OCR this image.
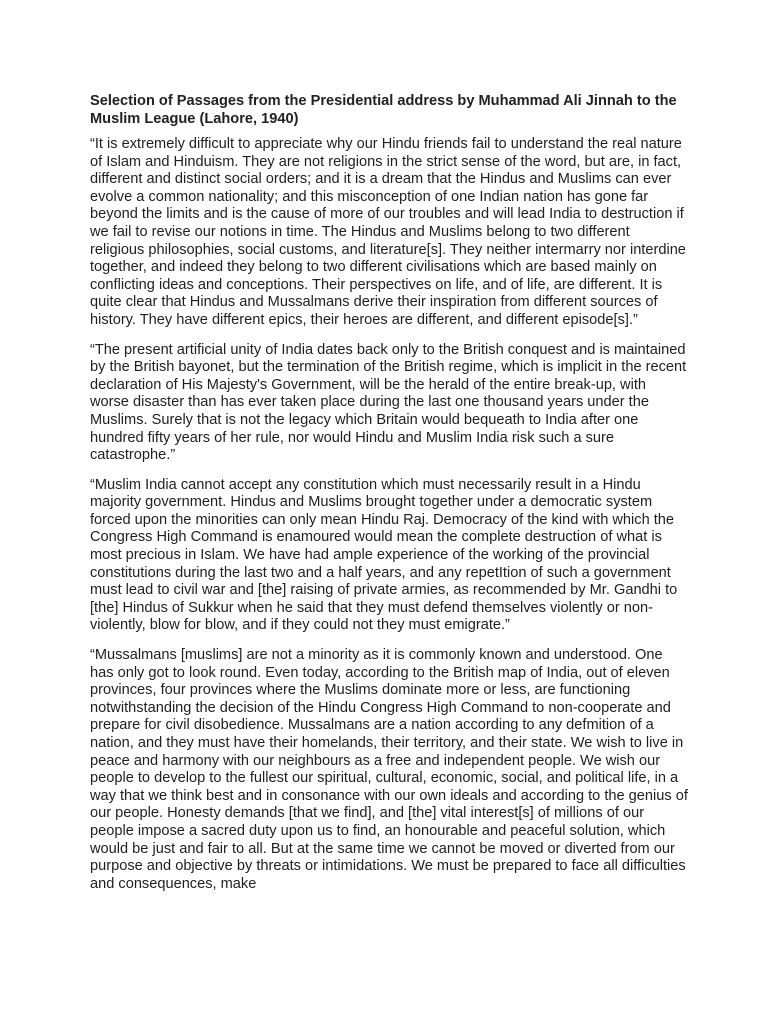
Selection of Passages from the Presidential address by Muhammad Ali Jinnah to the Muslim League (Lahore, 1940)

“It is extremely difficult to appreciate why our Hindu friends fail to understand the real nature of Islam and Hinduism. They are not religions in the strict sense of the word, but are, in fact, different and distinct social orders; and it is a dream that the Hindus and Muslims can ever evolve a common nationality; and this misconception of one Indian nation has gone far beyond the limits and is the cause of more of our troubles and will lead India to destruction if we fail to revise our notions in time. The Hindus and Muslims belong to two different religious philosophies, social customs, and literature[s]. They neither intermarry nor interdine together, and indeed they belong to two different civilisations which are based mainly on conflicting ideas and conceptions. Their perspectives on life, and of life, are different. It is quite clear that Hindus and Mussalmans derive their inspiration from different sources of history. They have different epics, their heroes are different, and different episode[s].”

“The present artificial unity of India dates back only to the British conquest and is maintained by the British bayonet, but the termination of the British regime, which is implicit in the recent declaration of His Majesty's Government, will be the herald of the entire break-up, with worse disaster than has ever taken place during the last one thousand years under the Muslims. Surely that is not the legacy which Britain would bequeath to India after one hundred fifty years of her rule, nor would Hindu and Muslim India risk such a sure catastrophe.”

“Muslim India cannot accept any constitution which must necessarily result in a Hindu majority government. Hindus and Muslims brought together under a democratic system forced upon the minorities can only mean Hindu Raj. Democracy of the kind with which the Congress High Command is enamoured would mean the complete destruction of what is most precious in Islam. We have had ample experience of the working of the provincial constitutions during the last two and a half years, and any repetItion of such a government must lead to civil war and [the] raising of private armies, as recommended by Mr. Gandhi to [the] Hindus of Sukkur when he said that they must defend themselves violently or non-violently, blow for blow, and if they could not they must emigrate.”

“Mussalmans [muslims] are not a minority as it is commonly known and understood. One has only got to look round. Even today, according to the British map of India, out of eleven provinces, four provinces where the Muslims dominate more or less, are functioning notwithstanding the decision of the Hindu Congress High Command to non-cooperate and prepare for civil disobedience. Mussalmans are a nation according to any defmition of a nation, and they must have their homelands, their territory, and their state. We wish to live in peace and harmony with our neighbours as a free and independent people. We wish our people to develop to the fullest our spiritual, cultural, economic, social, and political life, in a way that we think best and in consonance with our own ideals and according to the genius of our people. Honesty demands [that we find], and [the] vital interest[s] of millions of our people impose a sacred duty upon us to find, an honourable and peaceful solution, which would be just and fair to all. But at the same time we cannot be moved or diverted from our purpose and objective by threats or intimidations. We must be prepared to face all difficulties and consequences, make
